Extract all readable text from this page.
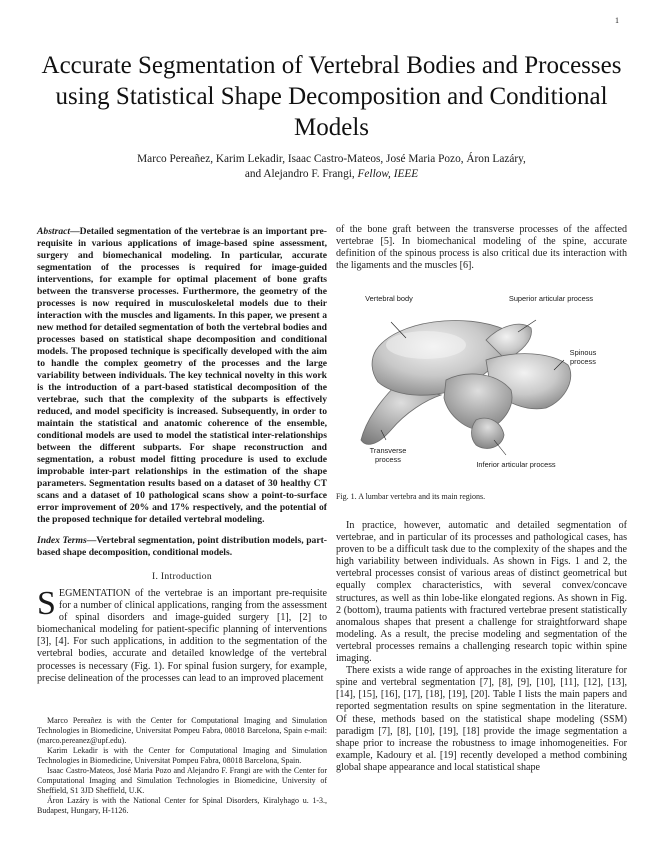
1
Accurate Segmentation of Vertebral Bodies and Processes using Statistical Shape Decomposition and Conditional Models
Marco Pereañez, Karim Lekadir, Isaac Castro-Mateos, José Maria Pozo, Áron Lazáry,
and Alejandro F. Frangi, Fellow, IEEE
Abstract—Detailed segmentation of the vertebrae is an important pre-requisite in various applications of image-based spine assessment, surgery and biomechanical modeling. In particular, accurate segmentation of the processes is required for image-guided interventions, for example for optimal placement of bone grafts between the transverse processes. Furthermore, the geometry of the processes is now required in musculoskeletal models due to their interaction with the muscles and ligaments. In this paper, we present a new method for detailed segmentation of both the vertebral bodies and processes based on statistical shape decomposition and conditional models. The proposed technique is specifically developed with the aim to handle the complex geometry of the processes and the large variability between individuals. The key technical novelty in this work is the introduction of a part-based statistical decomposition of the vertebrae, such that the complexity of the subparts is effectively reduced, and model specificity is increased. Subsequently, in order to maintain the statistical and anatomic coherence of the ensemble, conditional models are used to model the statistical inter-relationships between the different subparts. For shape reconstruction and segmentation, a robust model fitting procedure is used to exclude improbable inter-part relationships in the estimation of the shape parameters. Segmentation results based on a dataset of 30 healthy CT scans and a dataset of 10 pathological scans show a point-to-surface error improvement of 20% and 17% respectively, and the potential of the proposed technique for detailed vertebral modeling.
Index Terms—Vertebral segmentation, point distribution models, part-based shape decomposition, conditional models.
I. Introduction

SEGMENTATION of the vertebrae is an important pre-requisite for a number of clinical applications, ranging from the assessment of spinal disorders and image-guided surgery [1], [2] to biomechanical modeling for patient-specific planning of interventions [3], [4]. For such applications, in addition to the segmentation of the vertebral bodies, accurate and detailed knowledge of the vertebral processes is necessary (Fig. 1). For spinal fusion surgery, for example, precise delineation of the processes can lead to an improved placement

Marco Pereañez is with the Center for Computational Imaging and Simulation Technologies in Biomedicine, Universitat Pompeu Fabra, 08018 Barcelona, Spain e-mail: (marco.pereanez@upf.edu).

Karim Lekadir is with the Center for Computational Imaging and Simulation Technologies in Biomedicine, Universitat Pompeu Fabra, 08018 Barcelona, Spain.

Isaac Castro-Mateos, José Maria Pozo and Alejandro F. Frangi are with the Center for Computational Imaging and Simulation Technologies in Biomedicine, University of Sheffield, S1 3JD Sheffield, U.K.

Áron Lazáry is with the National Center for Spinal Disorders, Kiralyhago u. 1-3., Budapest, Hungary, H-1126.

of the bone graft between the transverse processes of the affected vertebrae [5]. In biomechanical modeling of the spine, accurate definition of the spinous process is also critical due its interaction with the ligaments and the muscles [6].
Vertebral body	Superior articular process
Spinous process
Transverse process
Inferior articular process
Fig. 1. A lumbar vertebra and its main regions.

In practice, however, automatic and detailed segmentation of vertebrae, and in particular of its processes and pathological cases, has proven to be a difficult task due to the complexity of the shapes and the high variability between individuals. As shown in Figs. 1 and 2, the vertebral processes consist of various areas of distinct geometrical but equally complex characteristics, with several convex/concave structures, as well as thin lobe-like elongated regions. As shown in Fig. 2 (bottom), trauma patients with fractured vertebrae present statistically anomalous shapes that present a challenge for straightforward shape modeling. As a result, the precise modeling and segmentation of the vertebral processes remains a challenging research topic within spine imaging.

There exists a wide range of approaches in the existing literature for spine and vertebral segmentation [7], [8], [9], [10], [11], [12], [13], [14], [15], [16], [17], [18], [19], [20]. Table I lists the main papers and reported segmentation results on spine segmentation in the literature. Of these, methods based on the statistical shape modeling (SSM) paradigm [7], [8], [10], [19], [18] provide the image segmentation a shape prior to increase the robustness to image inhomogeneities. For example, Kadoury et al. [19] recently developed a method combining global shape appearance and local statistical shape
